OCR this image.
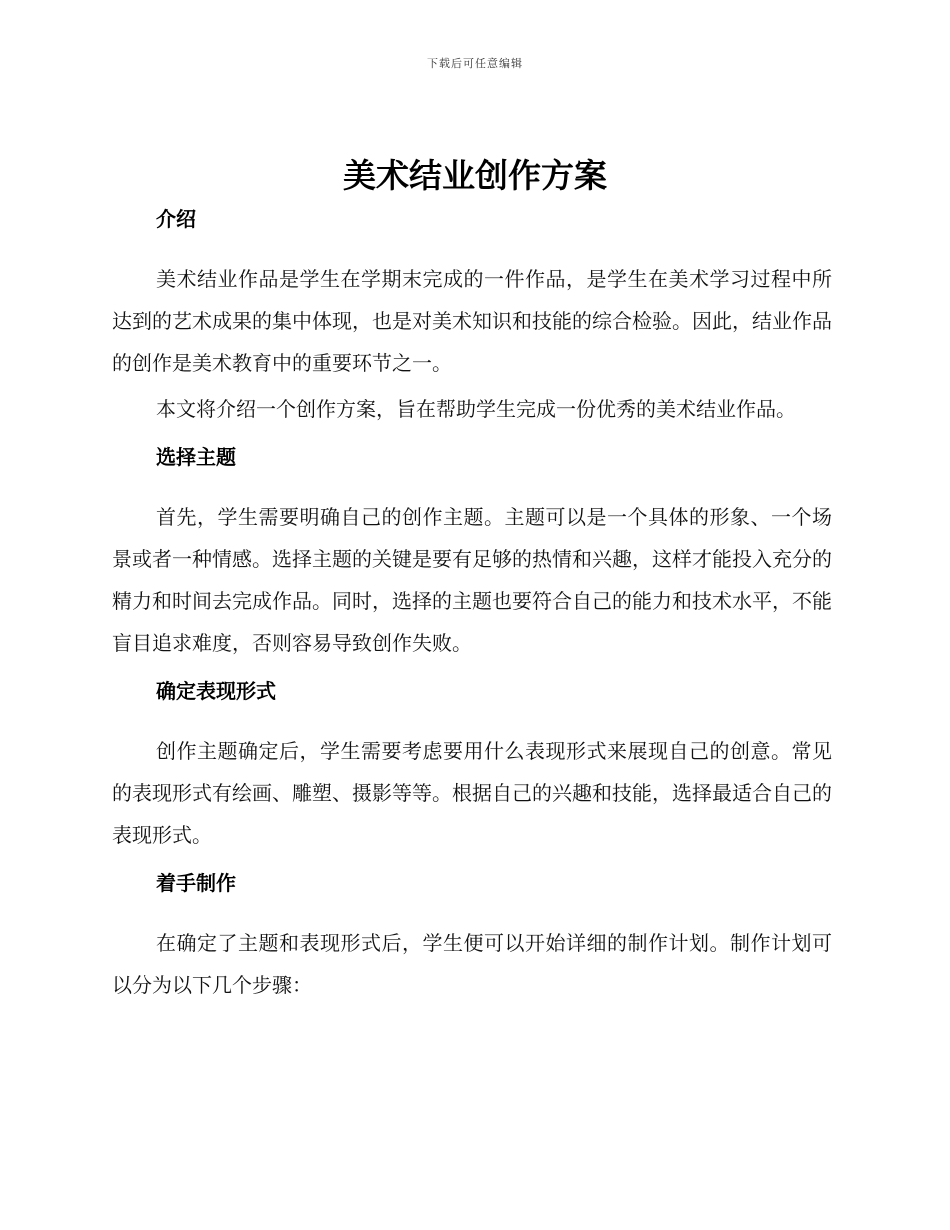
下载后可任意编辑
美术结业创作方案
介绍

美术结业作品是学生在学期末完成的一件作品，是学生在美术学习过程中所达到的艺术成果的集中体现，也是对美术知识和技能的综合检验。因此，结业作品的创作是美术教育中的重要环节之一。

本文将介绍一个创作方案，旨在帮助学生完成一份优秀的美术结业作品。

选择主题

首先，学生需要明确自己的创作主题。主题可以是一个具体的形象、一个场景或者一种情感。选择主题的关键是要有足够的热情和兴趣，这样才能投入充分的精力和时间去完成作品。同时，选择的主题也要符合自己的能力和技术水平，不能盲目追求难度，否则容易导致创作失败。

确定表现形式

创作主题确定后，学生需要考虑要用什么表现形式来展现自己的创意。常见的表现形式有绘画、雕塑、摄影等等。根据自己的兴趣和技能，选择最适合自己的表现形式。

着手制作

在确定了主题和表现形式后，学生便可以开始详细的制作计划。制作计划可以分为以下几个步骤：
